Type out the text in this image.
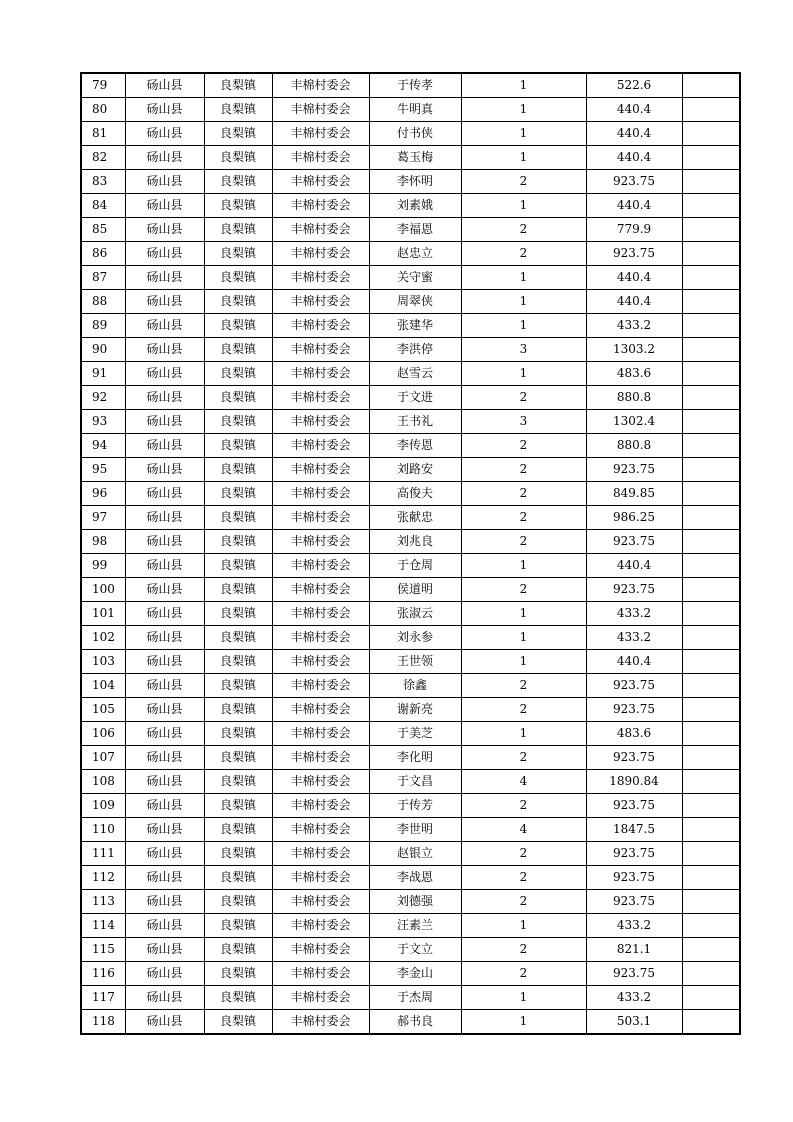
79	砀山县	良梨镇	丰棉村委会	于传孝	1	522.6	
80	砀山县	良梨镇	丰棉村委会	牛明真	1	440.4	
81	砀山县	良梨镇	丰棉村委会	付书侠	1	440.4	
82	砀山县	良梨镇	丰棉村委会	葛玉梅	1	440.4	
83	砀山县	良梨镇	丰棉村委会	李怀明	2	923.75	
84	砀山县	良梨镇	丰棉村委会	刘素娥	1	440.4	
85	砀山县	良梨镇	丰棉村委会	李福恩	2	779.9	
86	砀山县	良梨镇	丰棉村委会	赵忠立	2	923.75	
87	砀山县	良梨镇	丰棉村委会	关守蜜	1	440.4	
88	砀山县	良梨镇	丰棉村委会	周翠侠	1	440.4	
89	砀山县	良梨镇	丰棉村委会	张建华	1	433.2	
90	砀山县	良梨镇	丰棉村委会	李洪停	3	1303.2	
91	砀山县	良梨镇	丰棉村委会	赵雪云	1	483.6	
92	砀山县	良梨镇	丰棉村委会	于文进	2	880.8	
93	砀山县	良梨镇	丰棉村委会	王书礼	3	1302.4	
94	砀山县	良梨镇	丰棉村委会	李传恩	2	880.8	
95	砀山县	良梨镇	丰棉村委会	刘路安	2	923.75	
96	砀山县	良梨镇	丰棉村委会	高俊夫	2	849.85	
97	砀山县	良梨镇	丰棉村委会	张献忠	2	986.25	
98	砀山县	良梨镇	丰棉村委会	刘兆良	2	923.75	
99	砀山县	良梨镇	丰棉村委会	于仓周	1	440.4	
100	砀山县	良梨镇	丰棉村委会	侯道明	2	923.75	
101	砀山县	良梨镇	丰棉村委会	张淑云	1	433.2	
102	砀山县	良梨镇	丰棉村委会	刘永参	1	433.2	
103	砀山县	良梨镇	丰棉村委会	王世领	1	440.4	
104	砀山县	良梨镇	丰棉村委会	徐鑫	2	923.75	
105	砀山县	良梨镇	丰棉村委会	谢新亮	2	923.75	
106	砀山县	良梨镇	丰棉村委会	于美芝	1	483.6	
107	砀山县	良梨镇	丰棉村委会	李化明	2	923.75	
108	砀山县	良梨镇	丰棉村委会	于文昌	4	1890.84	
109	砀山县	良梨镇	丰棉村委会	于传芳	2	923.75	
110	砀山县	良梨镇	丰棉村委会	李世明	4	1847.5	
111	砀山县	良梨镇	丰棉村委会	赵银立	2	923.75	
112	砀山县	良梨镇	丰棉村委会	李战恩	2	923.75	
113	砀山县	良梨镇	丰棉村委会	刘德强	2	923.75	
114	砀山县	良梨镇	丰棉村委会	汪素兰	1	433.2	
115	砀山县	良梨镇	丰棉村委会	于文立	2	821.1	
116	砀山县	良梨镇	丰棉村委会	李金山	2	923.75	
117	砀山县	良梨镇	丰棉村委会	于杰周	1	433.2	
118	砀山县	良梨镇	丰棉村委会	郝书良	1	503.1	
